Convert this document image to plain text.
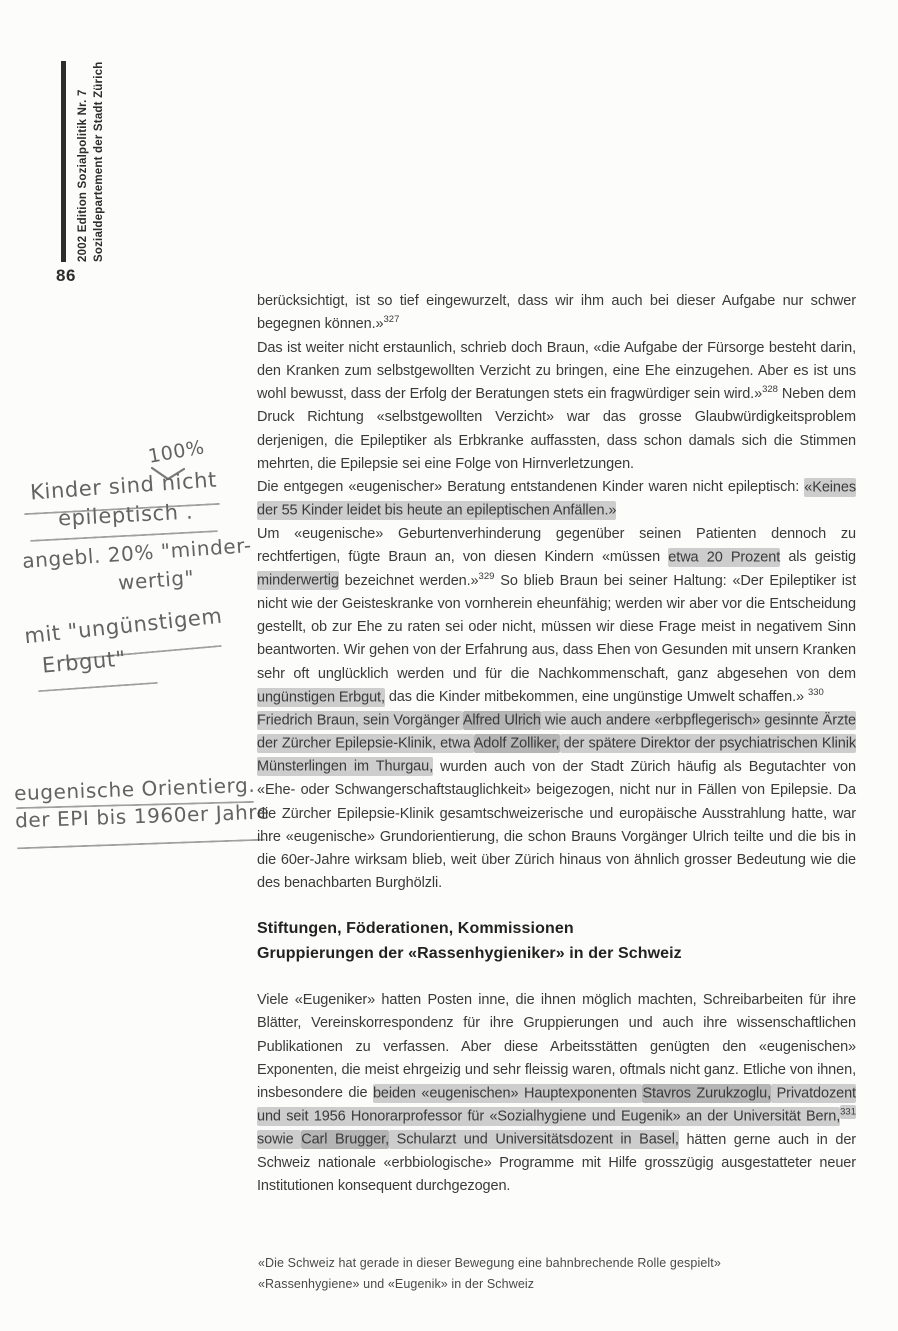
2002 Edition Sozialpolitik Nr. 7 Sozialdepartement der Stadt Zürich
86
100%
Kinder sind nicht
epileptisch .
angebl. 20% "minder-
wertig"
mit "ungünstigem
Erbgut"
eugenische Orientierg.
der EPI bis 1960er Jahre

berücksichtigt, ist so tief eingewurzelt, dass wir ihm auch bei dieser Aufgabe nur schwer begegnen können.»$^{327}$

Das ist weiter nicht erstaunlich, schrieb doch Braun, «die Aufgabe der Fürsorge besteht darin, den Kranken zum selbstgewollten Verzicht zu bringen, eine Ehe einzugehen. Aber es ist uns wohl bewusst, dass der Erfolg der Beratungen stets ein fragwürdiger sein wird.»$^{328}$ Neben dem Druck Richtung «selbstgewollten Verzicht» war das grosse Glaubwürdigkeitsproblem derjenigen, die Epileptiker als Erbkranke auffassten, dass schon damals sich die Stimmen mehrten, die Epilepsie sei eine Folge von Hirnverletzungen.

Die entgegen «eugenischer» Beratung entstandenen Kinder waren nicht epileptisch: «Keines der 55 Kinder leidet bis heute an epileptischen Anfällen.»

Um «eugenische» Geburtenverhinderung gegenüber seinen Patienten dennoch zu rechtfertigen, fügte Braun an, von diesen Kindern «müssen etwa 20 Prozent als geistig minderwertig bezeichnet werden.»$^{329}$ So blieb Braun bei seiner Haltung: «Der Epileptiker ist nicht wie der Geisteskranke von vornherein eheunfähig; werden wir aber vor die Entscheidung gestellt, ob zur Ehe zu raten sei oder nicht, müssen wir diese Frage meist in negativem Sinn beantworten. Wir gehen von der Erfahrung aus, dass Ehen von Gesunden mit unsern Kranken sehr oft unglücklich werden und für die Nachkommenschaft, ganz abgesehen von dem ungünstigen Erbgut, das die Kinder mitbekommen, eine ungünstige Umwelt schaffen.» $^{330}$

Friedrich Braun, sein Vorgänger Alfred Ulrich wie auch andere «erbpflegerisch» gesinnte Ärzte der Zürcher Epilepsie-Klinik, etwa Adolf Zolliker, der spätere Direktor der psychiatrischen Klinik Münsterlingen im Thurgau, wurden auch von der Stadt Zürich häufig als Begutachter von «Ehe- oder Schwangerschaftstauglichkeit» beigezogen, nicht nur in Fällen von Epilepsie. Da die Zürcher Epilepsie-Klinik gesamtschweizerische und europäische Ausstrahlung hatte, war ihre «eugenische» Grundorientierung, die schon Brauns Vorgänger Ulrich teilte und die bis in die 60er-Jahre wirksam blieb, weit über Zürich hinaus von ähnlich grosser Bedeutung wie die des benachbarten Burghölzli.

Stiftungen, Föderationen, Kommissionen
Gruppierungen der «Rassenhygieniker» in der Schweiz

Viele «Eugeniker» hatten Posten inne, die ihnen möglich machten, Schreibarbeiten für ihre Blätter, Vereinskorrespondenz für ihre Gruppierungen und auch ihre wissenschaftlichen Publikationen zu verfassen. Aber diese Arbeitsstätten genügten den «eugenischen» Exponenten, die meist ehrgeizig und sehr fleissig waren, oftmals nicht ganz. Etliche von ihnen, insbesondere die beiden «eugenischen» Hauptexponenten Stavros Zurukzoglu, Privatdozent und seit 1956 Honorarprofessor für «Sozialhygiene und Eugenik» an der Universität Bern,$^{331}$ sowie Carl Brugger, Schularzt und Universitätsdozent in Basel, hätten gerne auch in der Schweiz nationale «erbbiologische» Programme mit Hilfe grosszügig ausgestatteter neuer Institutionen konsequent durchgezogen.

«Die Schweiz hat gerade in dieser Bewegung eine bahnbrechende Rolle gespielt»
«Rassenhygiene» und «Eugenik» in der Schweiz
